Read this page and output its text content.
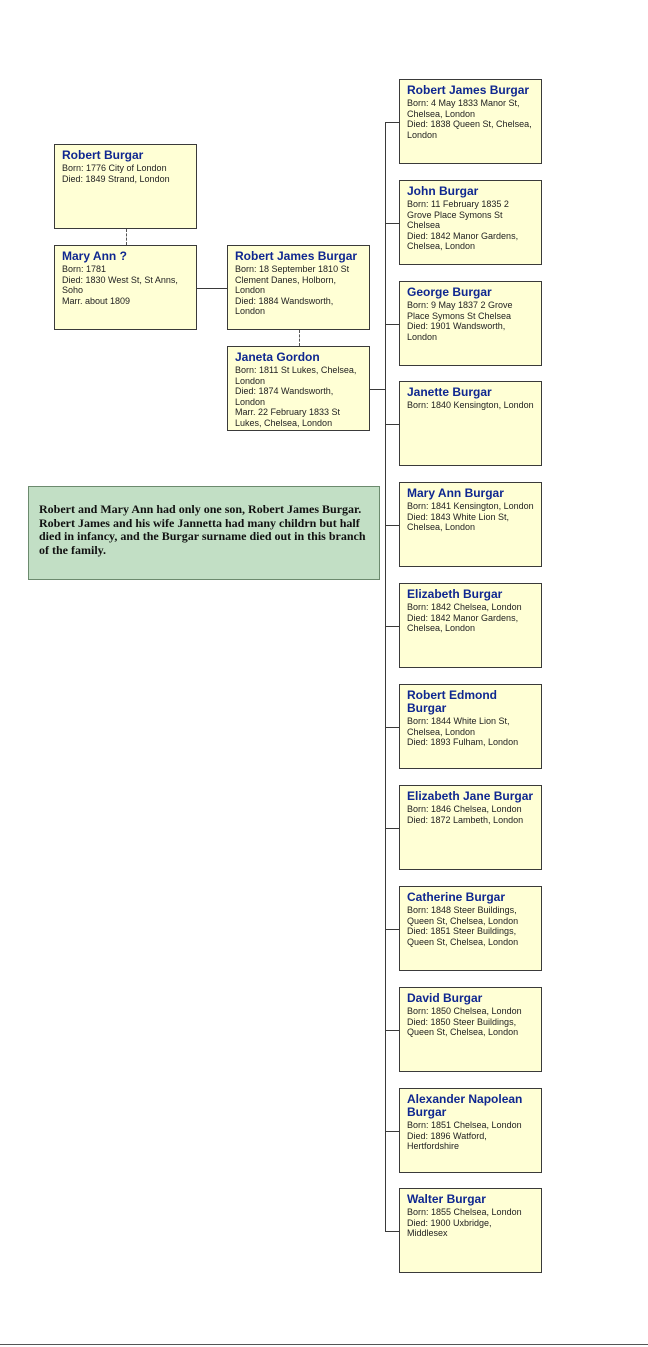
Robert Burgar
Born: 1776 City of London
Died: 1849 Strand, London
Mary Ann ?
Born: 1781
Died: 1830 West St, St Anns, Soho
Marr. about 1809
Robert James Burgar
Born: 18 September 1810 St Clement Danes, Holborn, London
Died: 1884 Wandsworth, London
Janeta Gordon
Born: 1811 St Lukes, Chelsea, London
Died: 1874 Wandsworth, London
Marr. 22 February 1833 St Lukes, Chelsea, London
Robert James Burgar
Born: 4 May 1833 Manor St, Chelsea, London
Died: 1838 Queen St, Chelsea, London
John Burgar
Born: 11 February 1835 2 Grove Place Symons St Chelsea
Died: 1842 Manor Gardens, Chelsea, London
George Burgar
Born: 9 May 1837 2 Grove Place Symons St Chelsea
Died: 1901 Wandsworth, London
Janette Burgar
Born: 1840 Kensington, London
Mary Ann Burgar
Born: 1841 Kensington, London
Died: 1843 White Lion St, Chelsea, London
Elizabeth Burgar
Born: 1842 Chelsea, London
Died: 1842 Manor Gardens, Chelsea, London
Robert Edmond Burgar
Born: 1844 White Lion St, Chelsea, London
Died: 1893 Fulham, London
Elizabeth Jane Burgar
Born: 1846 Chelsea, London
Died: 1872 Lambeth, London
Catherine Burgar
Born: 1848 Steer Buildings, Queen St, Chelsea, London
Died: 1851 Steer Buildings, Queen St, Chelsea, London
David Burgar
Born: 1850 Chelsea, London
Died: 1850 Steer Buildings, Queen St, Chelsea, London
Alexander Napolean Burgar
Born: 1851 Chelsea, London
Died: 1896 Watford, Hertfordshire
Walter Burgar
Born: 1855 Chelsea, London
Died: 1900 Uxbridge, Middlesex
Robert and Mary Ann had only one son, Robert James Burgar. Robert James and his wife Jannetta had many childrn but half died in infancy, and the Burgar surname died out in this branch of the family.
